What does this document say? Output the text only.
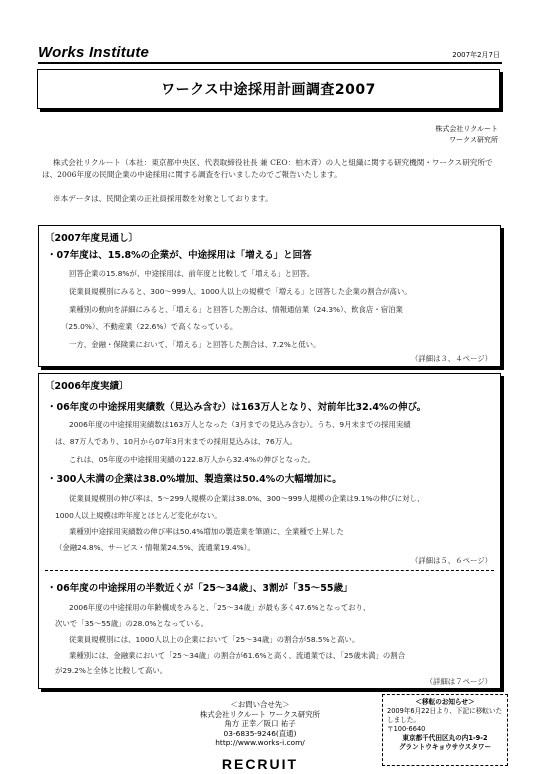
Works Institute	2007年2月7日
ワークス中途採用計画調査2007
株式会社リクルート
ワークス研究所
株式会社リクルート（本社：東京都中央区、代表取締役社長 兼 CEO：柏木斉）の人と組織に関する研究機関・ワークス研究所では、2006年度の民間企業の中途採用に関する調査を行いましたのでご報告いたします。
※本データは、民間企業の正社員採用数を対象としております。
〔2007年度見通し〕
・07年度は、15.8%の企業が、中途採用は「増える」と回答
回答企業の15.8%が、中途採用は、前年度と比較して「増える」と回答。
従業員規模別にみると、300～999人、1000人以上の規模で「増える」と回答した企業の割合が高い。
業種別の動向を詳細にみると、「増える」と回答した割合は、情報通信業（24.3%）、飲食店・宿泊業
（25.0%）、不動産業（22.6%）で高くなっている。
一方、金融・保険業において、「増える」と回答した割合は、7.2%と低い。
（詳細は３、４ページ）
〔2006年度実績〕
・06年度の中途採用実績数（見込み含む）は163万人となり、対前年比32.4%の伸び。
2006年度の中途採用実績数は163万人となった（3月までの見込み含む）。うち、9月末までの採用実績
は、87万人であり、10月から07年3月末までの採用見込みは、76万人。
これは、05年度の中途採用実績の122.8万人から32.4%の伸びとなった。
・300人未満の企業は38.0%増加、製造業は50.4%の大幅増加に。
従業員規模別の伸び率は、5～299人規模の企業は38.0%、300～999人規模の企業は9.1%の伸びに対し、
1000人以上規模は昨年度とほとんど変化がない。
業種別中途採用実績数の伸び率は50.4%増加の製造業を筆頭に、全業種で上昇した
（金融24.8%、サービス・情報業24.5%、流通業19.4%）。
（詳細は５、６ページ）
・06年度の中途採用の半数近くが「25～34歳」、3割が「35～55歳」
2006年度の中途採用の年齢構成をみると、「25～34歳」が最も多く47.6%となっており、
次いで「35～55歳」の28.0%となっている。
従業員規模別には、1000人以上の企業において「25～34歳」の割合が58.5%と高い。
業種別には、金融業において「25～34歳」の割合が61.6%と高く、流通業では、「25歳未満」の割合
が29.2%と全体と比較して高い。
（詳細は７ページ）
＜お問い合せ先＞
株式会社リクルート ワークス研究所
角方 正幸／阪口 祐子
03-6835-9246(直通)
http://www.works-i.com/
RECRUIT
＜移転のお知らせ＞
2009年6月22日より、下記に移転いた
しました。
〒100-6640
東京都千代田区丸の内1-9-2
グラントウキョウサウスタワー
